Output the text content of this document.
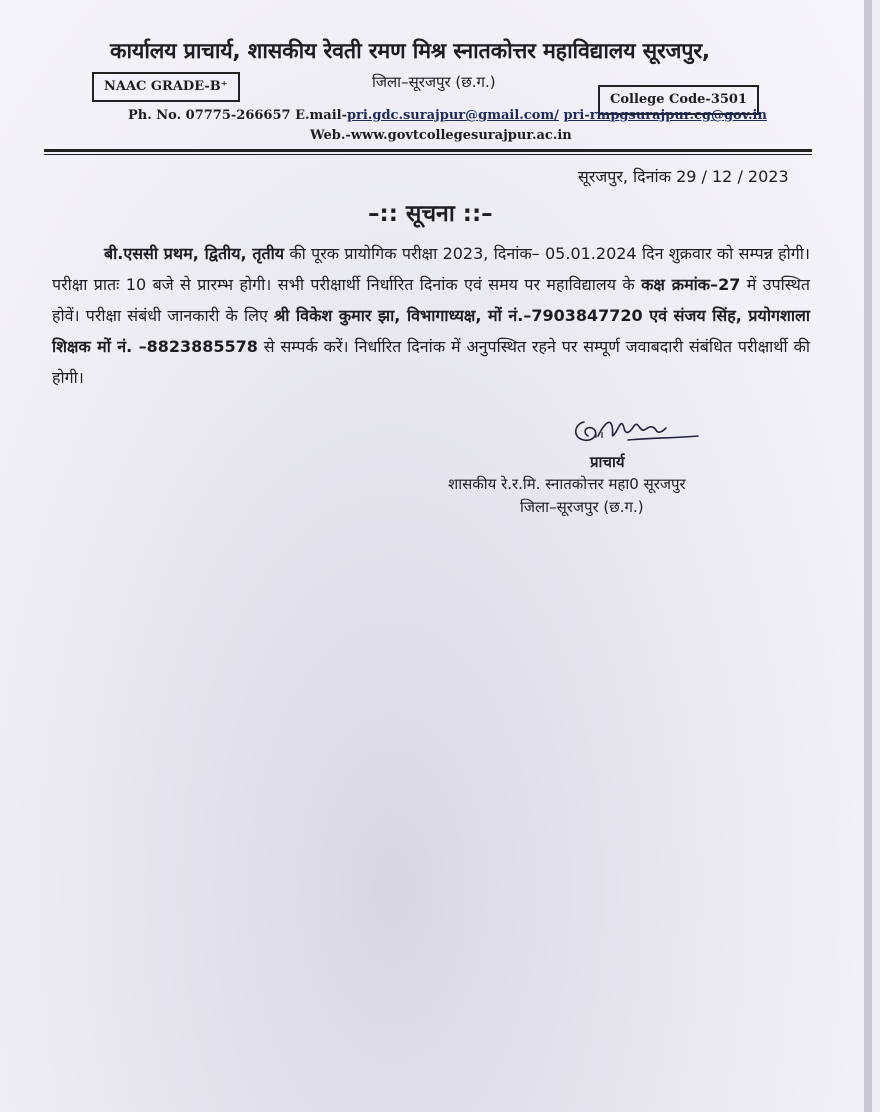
कार्यालय प्राचार्य, शासकीय रेवती रमण मिश्र स्नातकोत्तर महाविद्यालय सूरजपुर,
NAAC GRADE-B⁺	जिला–सूरजपुर (छ.ग.)
College Code-3501
Ph. No. 07775-266657 E.mail-pri.gdc.surajpur@gmail.com/ pri-rmpgsurajpur.cg@gov.in
Web.-www.govtcollegesurajpur.ac.in
सूरजपुर, दिनांक 29 / 12 / 2023
–:: सूचना ::–
बी.एससी प्रथम, द्वितीय, तृतीय की पूरक प्रायोगिक परीक्षा 2023, दिनांक– 05.01.2024 दिन शुक्रवार को सम्पन्न होगी। परीक्षा प्रातः 10 बजे से प्रारम्भ होगी। सभी परीक्षार्थी निर्धारित दिनांक एवं समय पर महाविद्यालय के कक्ष क्रमांक–27 में उपस्थित होवें। परीक्षा संबंधी जानकारी के लिए श्री विकेश कुमार झा, विभागाध्यक्ष, मों नं.–7903847720 एवं संजय सिंह, प्रयोगशाला शिक्षक मों नं. –8823885578 से सम्पर्क करें। निर्धारित दिनांक में अनुपस्थित रहने पर सम्पूर्ण जवाबदारी संबंधित परीक्षार्थी की होगी।
प्राचार्य
शासकीय रे.र.मि. स्नातकोत्तर महा0 सूरजपुर
जिला–सूरजपुर (छ.ग.)
